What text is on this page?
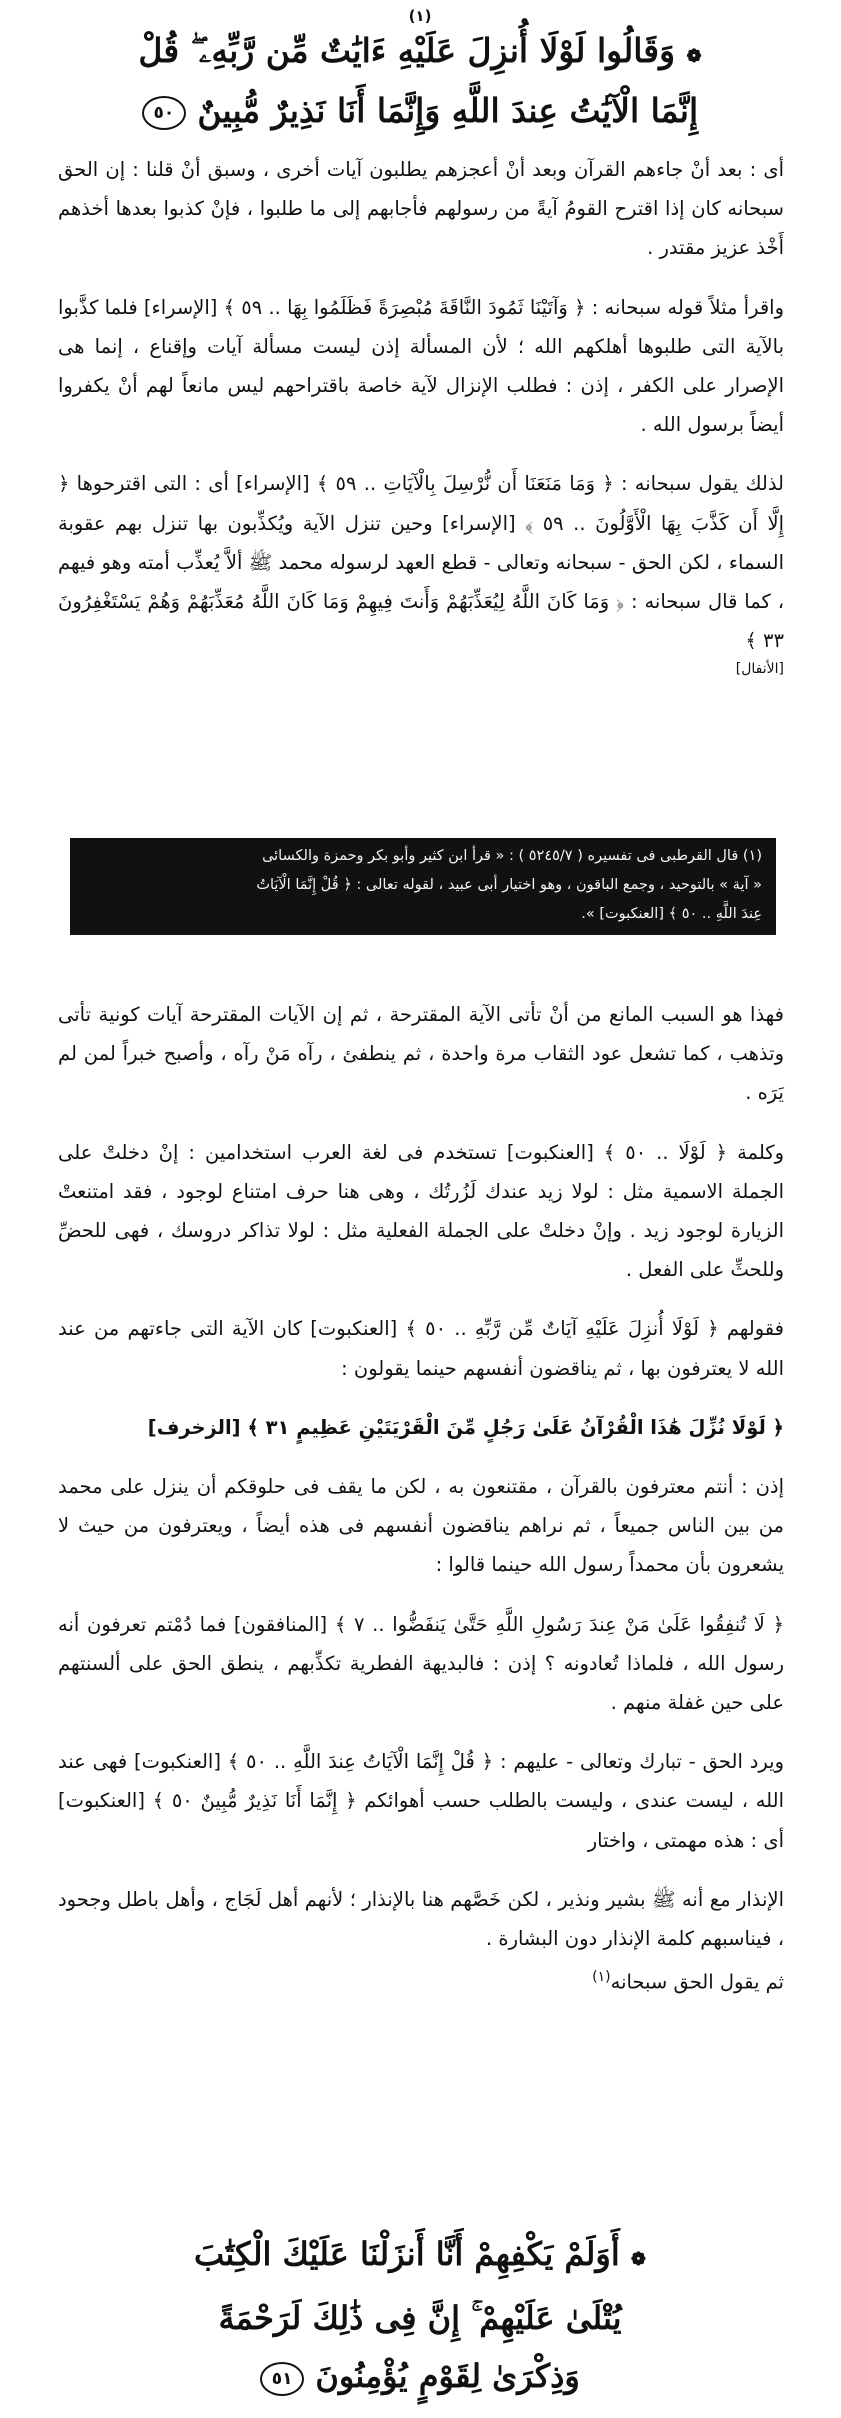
(١)
❁ وَقَالُوا لَوْلَا أُنزِلَ عَلَيْهِ ءَايَٰتٌ مِّن رَّبِّهِۦ ۖ قُلْ
إِنَّمَا الْآيَٰتُ عِندَ اللَّهِ وَإِنَّمَا أَنَا نَذِيرٌ مُّبِينٌ ٥٠

أى : بعد أنْ جاءهم القرآن وبعد أنْ أعجزهم يطلبون آيات أخرى ، وسبق أنْ قلنا : إن الحق سبحانه كان إذا اقترح القومُ آيةً من رسولهم فأجابهم إلى ما طلبوا ، فإنْ كذبوا بعدها أخذهم أَخْذ عزيز مقتدر .

واقرأ مثلاً قوله سبحانه : ﴿ وَآتَيْنَا ثَمُودَ النَّاقَةَ مُبْصِرَةً فَظَلَمُوا بِهَا .. ٥٩ ﴾ [الإسراء] فلما كذَّبوا بالآية التى طلبوها أهلكهم الله ؛ لأن المسألة إذن ليست مسألة آيات وإقناع ، إنما هى الإصرار على الكفر ، إذن : فطلب الإنزال لآية خاصة باقتراحهم ليس مانعاً لهم أنْ يكفروا أيضاً برسول الله .

لذلك يقول سبحانه : ﴿ وَمَا مَنَعَنَا أَن نُّرْسِلَ بِالْآيَاتِ .. ٥٩ ﴾ [الإسراء] أى : التى اقترحوها ﴿ إِلَّا أَن كَذَّبَ بِهَا الْأَوَّلُونَ .. ٥٩ ﴾ [الإسراء] وحين تنزل الآية ويُكذِّبون بها تنزل بهم عقوبة السماء ، لكن الحق - سبحانه وتعالى - قطع العهد لرسوله محمد ﷺ ألاَّ يُعذِّب أمته وهو فيهم ، كما قال سبحانه : ﴿ وَمَا كَانَ اللَّهُ لِيُعَذِّبَهُمْ وَأَنتَ فِيهِمْ وَمَا كَانَ اللَّهُ مُعَذِّبَهُمْ وَهُمْ يَسْتَغْفِرُونَ ٣٣ ﴾

[الأنفال]

(١) قال القرطبى فى تفسيره ( ٥٢٤٥/٧ ) : « قرأ ابن كثير وأبو بكر وحمزة والكسائى

« آية » بالتوحيد ، وجمع الباقون ، وهو اختيار أبى عبيد ، لقوله تعالى : ﴿ قُلْ إِنَّمَا الْآيَاتُ

عِندَ اللَّهِ .. ٥٠ ﴾ [العنكبوت] ».

فهذا هو السبب المانع من أنْ تأتى الآية المقترحة ، ثم إن الآيات المقترحة آيات كونية تأتى وتذهب ، كما تشعل عود الثقاب مرة واحدة ، ثم ينطفئ ، رآه مَنْ رآه ، وأصبح خبراً لمن لم يَرَه .

وكلمة ﴿ لَوْلَا .. ٥٠ ﴾ [العنكبوت] تستخدم فى لغة العرب استخدامين : إنْ دخلتْ على الجملة الاسمية مثل : لولا زيد عندك لَزُرتُك ، وهى هنا حرف امتناع لوجود ، فقد امتنعتْ الزيارة لوجود زيد . وإنْ دخلتْ على الجملة الفعلية مثل : لولا تذاكر دروسك ، فهى للحضِّ وللحثِّ على الفعل .

فقولهم ﴿ لَوْلَا أُنزِلَ عَلَيْهِ آيَاتٌ مِّن رَّبِّهِ .. ٥٠ ﴾ [العنكبوت] كان الآية التى جاءتهم من عند الله لا يعترفون بها ، ثم يناقضون أنفسهم حينما يقولون :

﴿ لَوْلَا نُزِّلَ هَٰذَا الْقُرْآنُ عَلَىٰ رَجُلٍ مِّنَ الْقَرْيَتَيْنِ عَظِيمٍ ٣١ ﴾ [الزخرف]

إذن : أنتم معترفون بالقرآن ، مقتنعون به ، لكن ما يقف فى حلوقكم أن ينزل على محمد من بين الناس جميعاً ، ثم نراهم يناقضون أنفسهم فى هذه أيضاً ، ويعترفون من حيث لا يشعرون بأن محمداً رسول الله حينما قالوا :

﴿ لَا تُنفِقُوا عَلَىٰ مَنْ عِندَ رَسُولِ اللَّهِ حَتَّىٰ يَنفَضُّوا .. ٧ ﴾ [المنافقون] فما دُمْتم تعرفون أنه رسول الله ، فلماذا تُعادونه ؟ إذن : فالبديهة الفطرية تكذِّبهم ، ينطق الحق على ألسنتهم على حين غفلة منهم .

ويرد الحق - تبارك وتعالى - عليهم : ﴿ قُلْ إِنَّمَا الْآيَاتُ عِندَ اللَّهِ .. ٥٠ ﴾ [العنكبوت] فهى عند الله ، ليست عندى ، وليست بالطلب حسب أهوائكم ﴿ إِنَّمَا أَنَا نَذِيرٌ مُّبِينٌ ٥٠ ﴾ [العنكبوت] أى : هذه مهمتى ، واختار

الإنذار مع أنه ﷺ بشير ونذير ، لكن خَصَّهم هنا بالإنذار ؛ لأنهم أهل لَجَاج ، وأهل باطل وجحود ، فيناسبهم كلمة الإنذار دون البشارة .

ثم يقول الحق سبحانه$^{(١)}$

❁ أَوَلَمْ يَكْفِهِمْ أَنَّا أَنزَلْنَا عَلَيْكَ الْكِتَٰبَ
يُتْلَىٰ عَلَيْهِمْ ۚ إِنَّ فِى ذَٰلِكَ لَرَحْمَةً
وَذِكْرَىٰ لِقَوْمٍ يُؤْمِنُونَ ٥١
